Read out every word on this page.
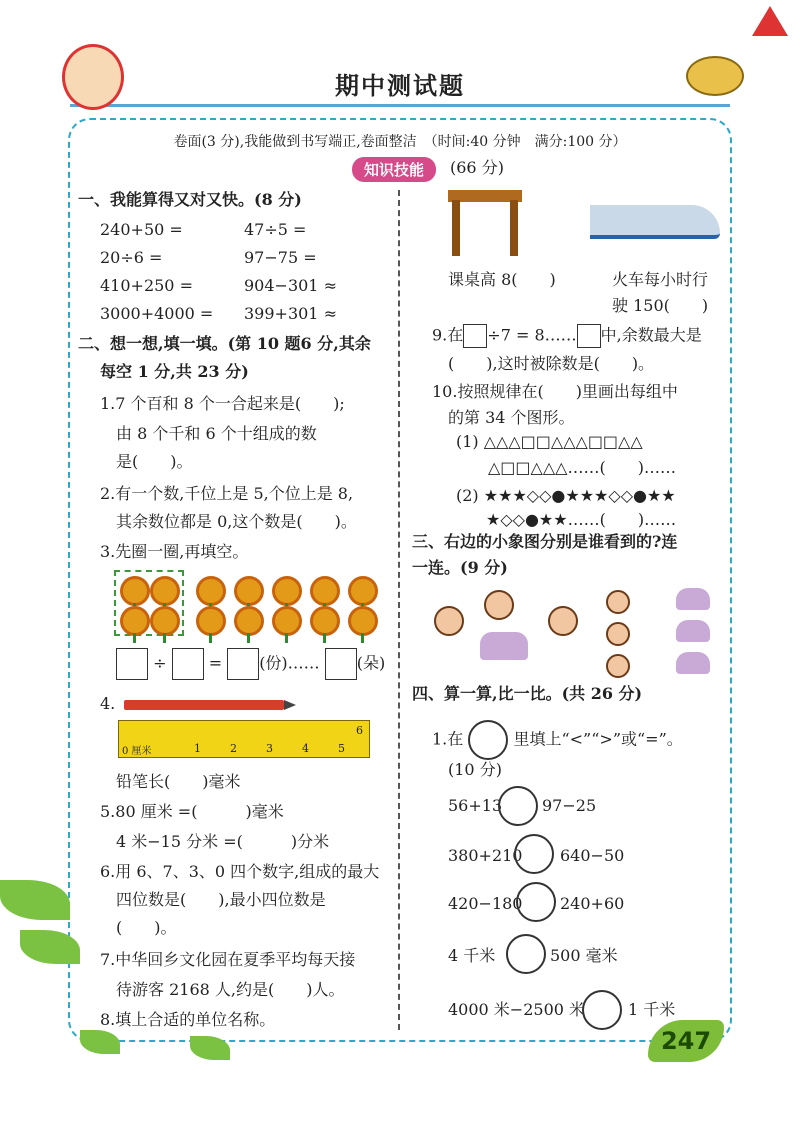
期中测试题
卷面(3 分),我能做到书写端正,卷面整洁　（时间:40 分钟　满分:100 分）
知识技能	(66 分)
一、我能算得又对又快。(8 分)
240+50 =	47÷5 =
20÷6 =	97−75 =
410+250 =	904−301 ≈
3000+4000 = 399+301 ≈
二、想一想,填一填。(第 10 题6 分,其余
每空 1 分,共 23 分)
1.7 个百和 8 个一合起来是(　　);
由 8 个千和 6 个十组成的数
是(　　)。
2.有一个数,千位上是 5,个位上是 8,
其余数位都是 0,这个数是(　　)。
3.先圈一圈,再填空。
÷	= (份)…… (朵)
4.
0 厘米	1	2	3	4	5
6
铅笔长(　　)毫米
5.80 厘米 =(　　　)毫米
4 米−15 分米 =(　　　)分米
6.用 6、7、3、0 四个数字,组成的最大
四位数是(　　),最小四位数是
(　　)。
7.中华回乡文化园在夏季平均每天接
待游客 2168 人,约是(　　)人。
8.填上合适的单位名称。
课桌高 8(　　)	火车每小时行
驶 150(　　)
9.在 ÷7 = 8…… 中,余数最大是
(　　),这时被除数是(　　)。
10.按照规律在(　　)里画出每组中
的第 34 个图形。
(1) △△△□□△△△□□△△
△□□△△△……(　　)……
(2) ★★★◇◇●★★★◇◇●★★
★◇◇●★★……(　　)……
三、右边的小象图分别是谁看到的?连
一连。(9 分)
四、算一算,比一比。(共 26 分)
1.在	里填上“<”“>”或“=”。
(10 分)
56+13 97−25
380+210 640−50
420−180 240+60
4 千米	500 毫米
4000 米−2500 米	1 千米
247
